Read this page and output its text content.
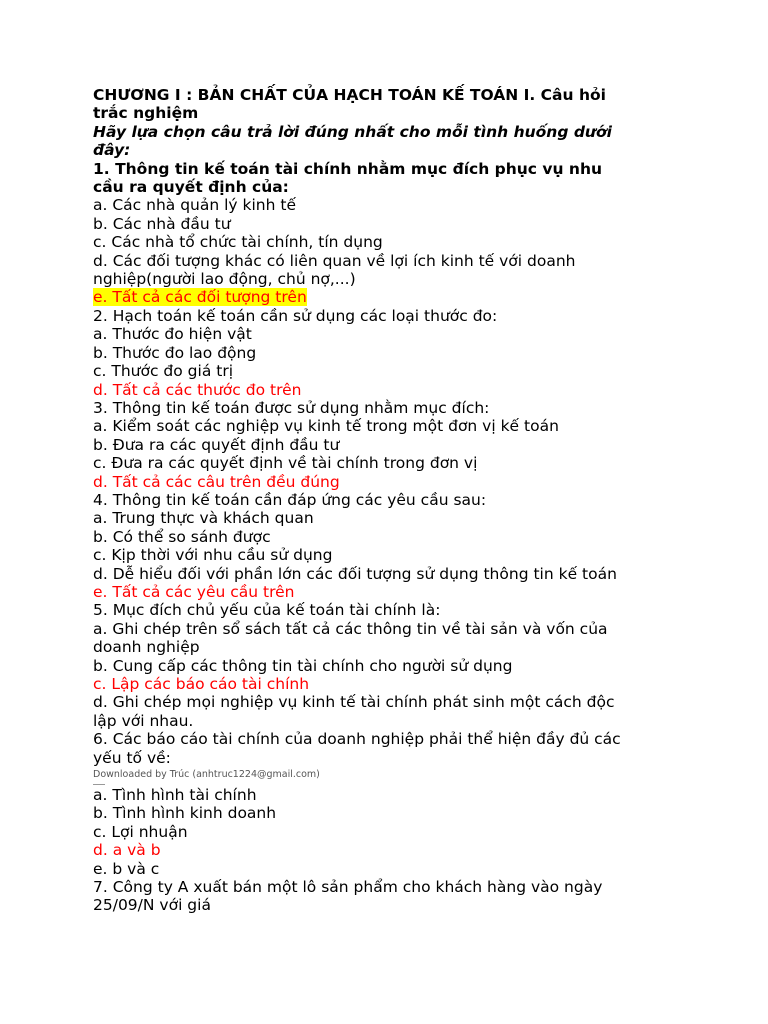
CHƯƠNG I : BẢN CHẤT CỦA HẠCH TOÁN KẾ TOÁN I. Câu hỏi
trắc nghiệm
Hãy lựa chọn câu trả lời đúng nhất cho mỗi tình huống dưới
đây:
1. Thông tin kế toán tài chính nhằm mục đích phục vụ nhu
cầu ra quyết định của:
a. Các nhà quản lý kinh tế
b. Các nhà đầu tư
c. Các nhà tổ chức tài chính, tín dụng
d. Các đối tượng khác có liên quan về lợi ích kinh tế với doanh
nghiệp(người lao động, chủ nợ,...)
e. Tất cả các đối tượng trên
2. Hạch toán kế toán cần sử dụng các loại thước đo:
a. Thước đo hiện vật
b. Thước đo lao động
c. Thước đo giá trị
d. Tất cả các thước đo trên
3. Thông tin kế toán được sử dụng nhằm mục đích:
a. Kiểm soát các nghiệp vụ kinh tế trong một đơn vị kế toán
b. Đưa ra các quyết định đầu tư
c. Đưa ra các quyết định về tài chính trong đơn vị
d. Tất cả các câu trên đều đúng
4. Thông tin kế toán cần đáp ứng các yêu cầu sau:
a. Trung thực và khách quan
b. Có thể so sánh được
c. Kịp thời với nhu cầu sử dụng
d. Dễ hiểu đối với phần lớn các đối tượng sử dụng thông tin kế toán
e. Tất cả các yêu cầu trên
5. Mục đích chủ yếu của kế toán tài chính là:
a. Ghi chép trên sổ sách tất cả các thông tin về tài sản và vốn của
doanh nghiệp
b. Cung cấp các thông tin tài chính cho người sử dụng
c. Lập các báo cáo tài chính
d. Ghi chép mọi nghiệp vụ kinh tế tài chính phát sinh một cách độc
lập với nhau.
6. Các báo cáo tài chính của doanh nghiệp phải thể hiện đầy đủ các
yếu tố về:
Downloaded by Trúc (anhtruc1224@gmail.com)
a. Tình hình tài chính
b. Tình hình kinh doanh
c. Lợi nhuận
d. a và b
e. b và c
7. Công ty A xuất bán một lô sản phẩm cho khách hàng vào ngày
25/09/N với giá
